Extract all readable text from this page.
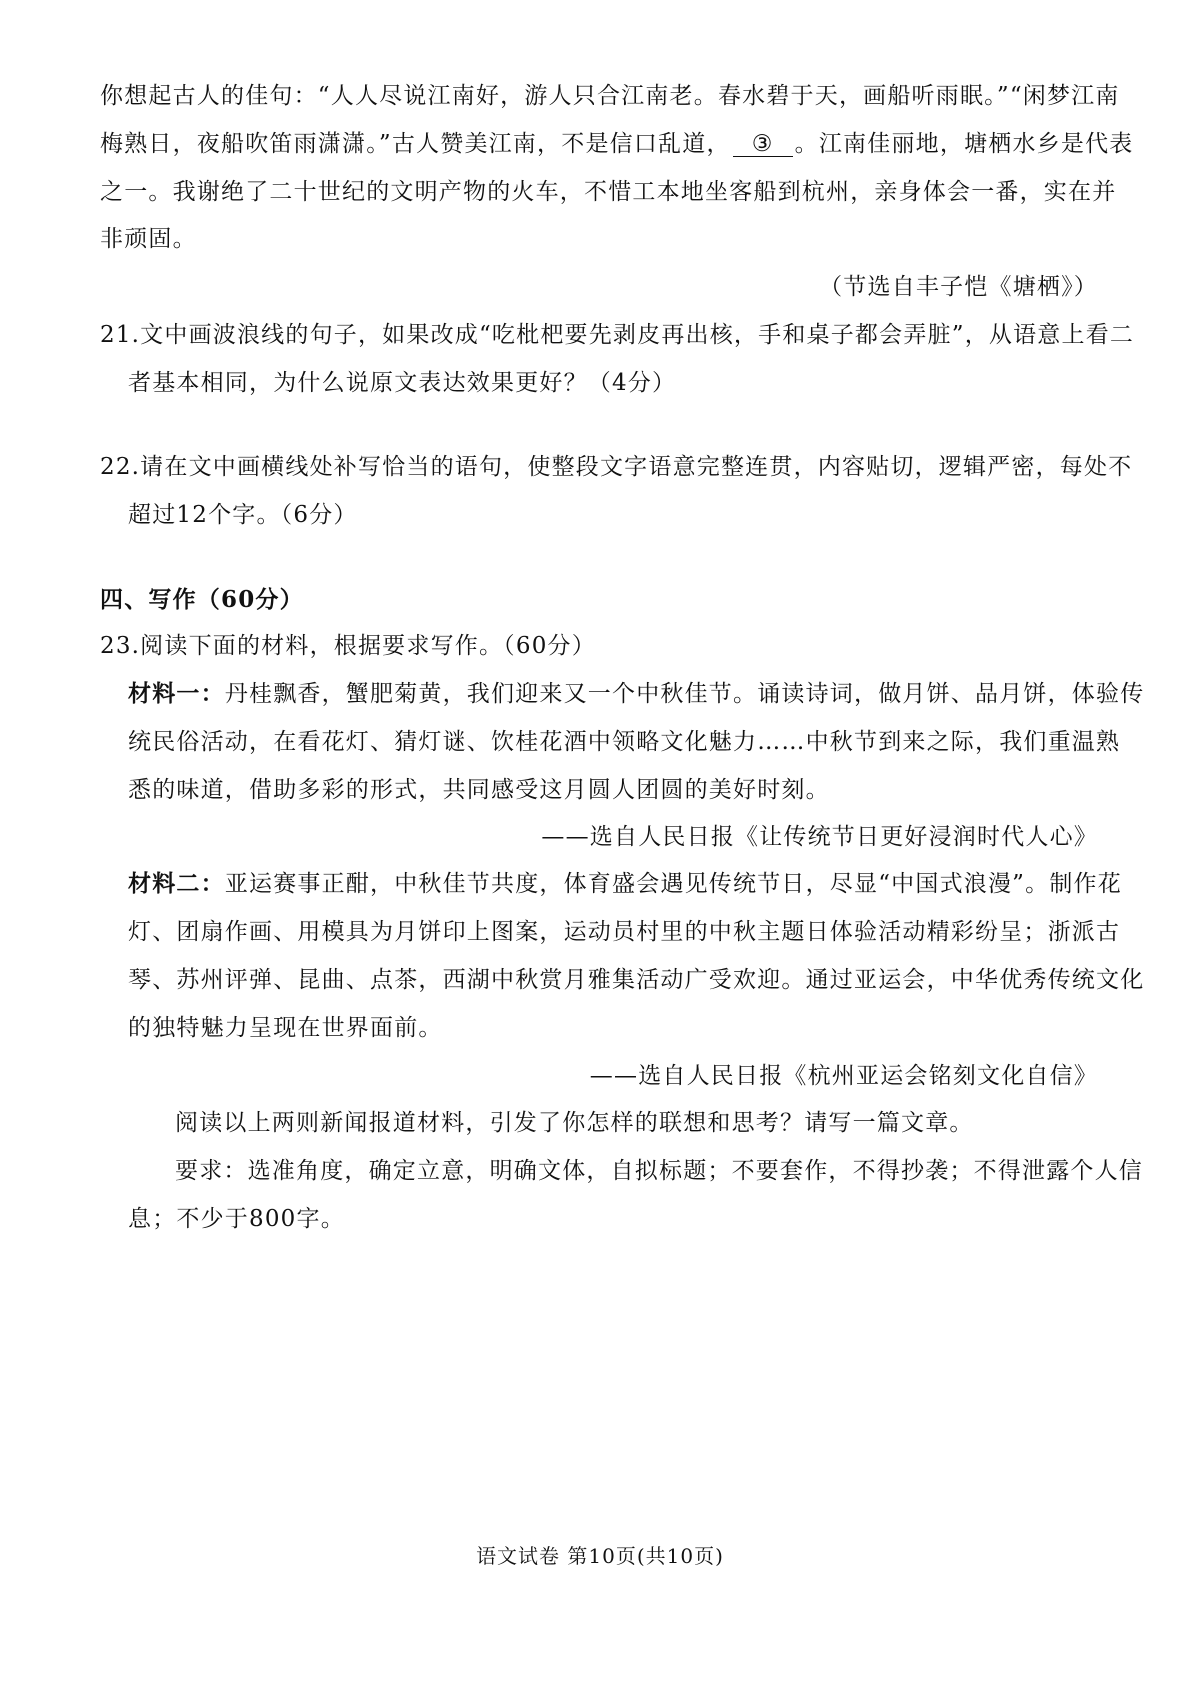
你想起古人的佳句：“人人尽说江南好，游人只合江南老。春水碧于天，画船听雨眠。”“闲梦江南
梅熟日，夜船吹笛雨潇潇。”古人赞美江南，不是信口乱道， ③ 。江南佳丽地，塘栖水乡是代表
之一。我谢绝了二十世纪的文明产物的火车，不惜工本地坐客船到杭州，亲身体会一番，实在并
非顽固。
（节选自丰子恺《塘栖》）
21.文中画波浪线的句子，如果改成“吃枇杷要先剥皮再出核，手和桌子都会弄脏”，从语意上看二
者基本相同，为什么说原文表达效果更好？（4分）
22.请在文中画横线处补写恰当的语句，使整段文字语意完整连贯，内容贴切，逻辑严密，每处不
超过12个字。（6分）
四、写作（60分）
23.阅读下面的材料，根据要求写作。（60分）
材料一：丹桂飘香，蟹肥菊黄，我们迎来又一个中秋佳节。诵读诗词，做月饼、品月饼，体验传
统民俗活动，在看花灯、猜灯谜、饮桂花酒中领略文化魅力……中秋节到来之际，我们重温熟
悉的味道，借助多彩的形式，共同感受这月圆人团圆的美好时刻。
——选自人民日报《让传统节日更好浸润时代人心》
材料二：亚运赛事正酣，中秋佳节共度，体育盛会遇见传统节日，尽显“中国式浪漫”。制作花
灯、团扇作画、用模具为月饼印上图案，运动员村里的中秋主题日体验活动精彩纷呈；浙派古
琴、苏州评弹、昆曲、点茶，西湖中秋赏月雅集活动广受欢迎。通过亚运会，中华优秀传统文化
的独特魅力呈现在世界面前。
——选自人民日报《杭州亚运会铭刻文化自信》
阅读以上两则新闻报道材料，引发了你怎样的联想和思考？请写一篇文章。
要求：选准角度，确定立意，明确文体，自拟标题；不要套作，不得抄袭；不得泄露个人信
息；不少于800字。
语文试卷 第10页(共10页)
